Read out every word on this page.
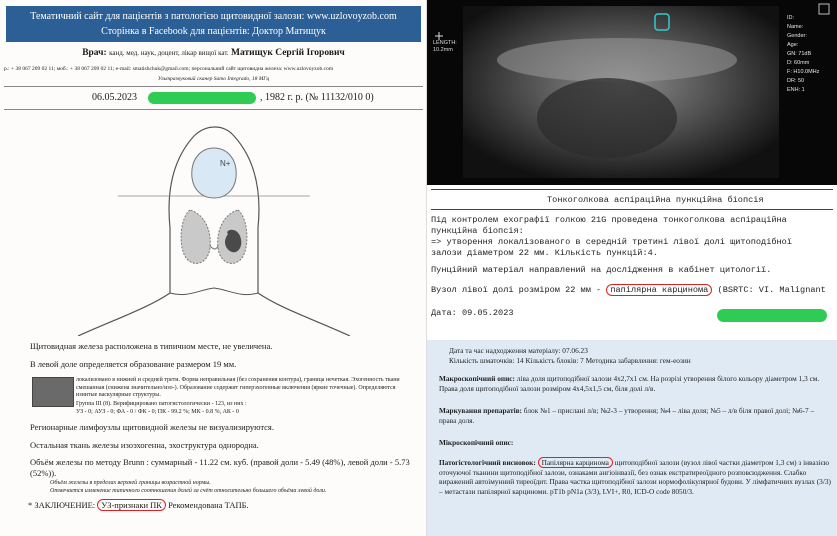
Тематичний сайт для пацієнтів з патологією щитовидної залози: www.uzlovoyzob.com
Сторінка в Facebook для пацієнтів: Доктор Матищук
Врач: канд. мед. наук, доцент, лікар вищої кат. Матищук Сергій Ігорович
р.: + 38 067 209 02 11; моб.: + 38 067 209 02 11; e-mail: smatishchuk@gmail.com; персональний сайт щитовидна железа: www.uzlovoyzob.com
Ультразвуковий сканер Samo Integrado, 18 МГц
06.05.2023	, 1982 г. р. (№ 11132/010 0)
N+
Щитовидная железа расположена в типичном месте, не увеличена.
В левой доле определяется образование размером 19 мм.
локализовано в нижней и средней трети. Форма неправильная (без сохранения контура), граница нечеткая. Эхогенность ткани смешанная (снижена значительно/изо-). Образование содержит гиперэхогенные включения (яркие точечные). Определяются изнитые васкулярные структуры.
Группа III (8). Верифицировано патогистологически - 123, из них :
УЗ - 0; АУЗ - 0; ФА - 0 / ФК - 0; ПК - 99.2 %; МК - 0.8 %, АК - 0
Регионарные лимфоузлы щитовидной железы не визуализируются.
Остальная ткань железы изоэхогенна, эхоструктура однородна.
Объём железы по методу Brunn : суммарный - 11.22 см. куб. (правой доли - 5.49 (48%), левой доли - 5.73 (52%)).
Объём железы в пределах верхней границы возрастной нормы.
Отмечается изменение типичного соотношения долей за счёт относительно большего объёма левой доли.
* ЗАКЛЮЧЕНИЕ: УЗ-признаки ПК Рекомендована ТАПБ.
LENGTH:
10.2mm
ID:
Name:
Gender:
Age:
GN: 71dB
D: 60mm
F: H10.0MHz
DR: 50
ENH: 1
Тонкоголкова аспіраційна пункційна біопсія
Під контролем ехографії голкою 21G проведена тонкоголкова аспіраційна
пункційна біопсія:
=> утворення локалізованого в середній третині лівої долі щитоподібної
залози діаметром 22 мм. Кількість пункцій:4.
Пунційний матеріал направлений на дослідження в кабінет цитології.
Вузол лівої долі розміром 22 мм - папілярна карцинома (BSRTC: VI. Malignant
Дата: 09.05.2023
Дата та час надходження матеріалу: 07.06.23
Кількість шматочків: 14 Кількість блоків: 7 Методика забарвлення: гем-еозин
Макроскопічний опис: ліва доля щитоподібної залози 4х2,7х1 см. На розрізі утворення білого кольору діаметром 1,3 см. Права доля щитоподібної залози розміром 4х4,5х1,5 см, біля долі л/в.
Маркування препаратів: блок №1 – прислані л/в; №2-3 – утворення; №4 – ліва доля; №5 – л/в біля правої долі; №6-7 – права доля.
Мікроскопічний опис:
Патогістологічний висновок: Папілярна карцинома щитоподібної залози (вузол лівої частки діаметром 1,3 см) з інвазією оточуючої тканини щитоподібної залози, ознаками ангіоінвазії, без ознак екстратиреоїдного розповсюдження. Слабко виражений автоімунний тиреоїдит. Права частка щитоподібної залози нормофолікулярної будови. У лімфатичних вузлах (3/3) – метастази папілярної карциноми. pT1b pN1a (3/3), LVI+, R0, ICD-O code 8050/3.
